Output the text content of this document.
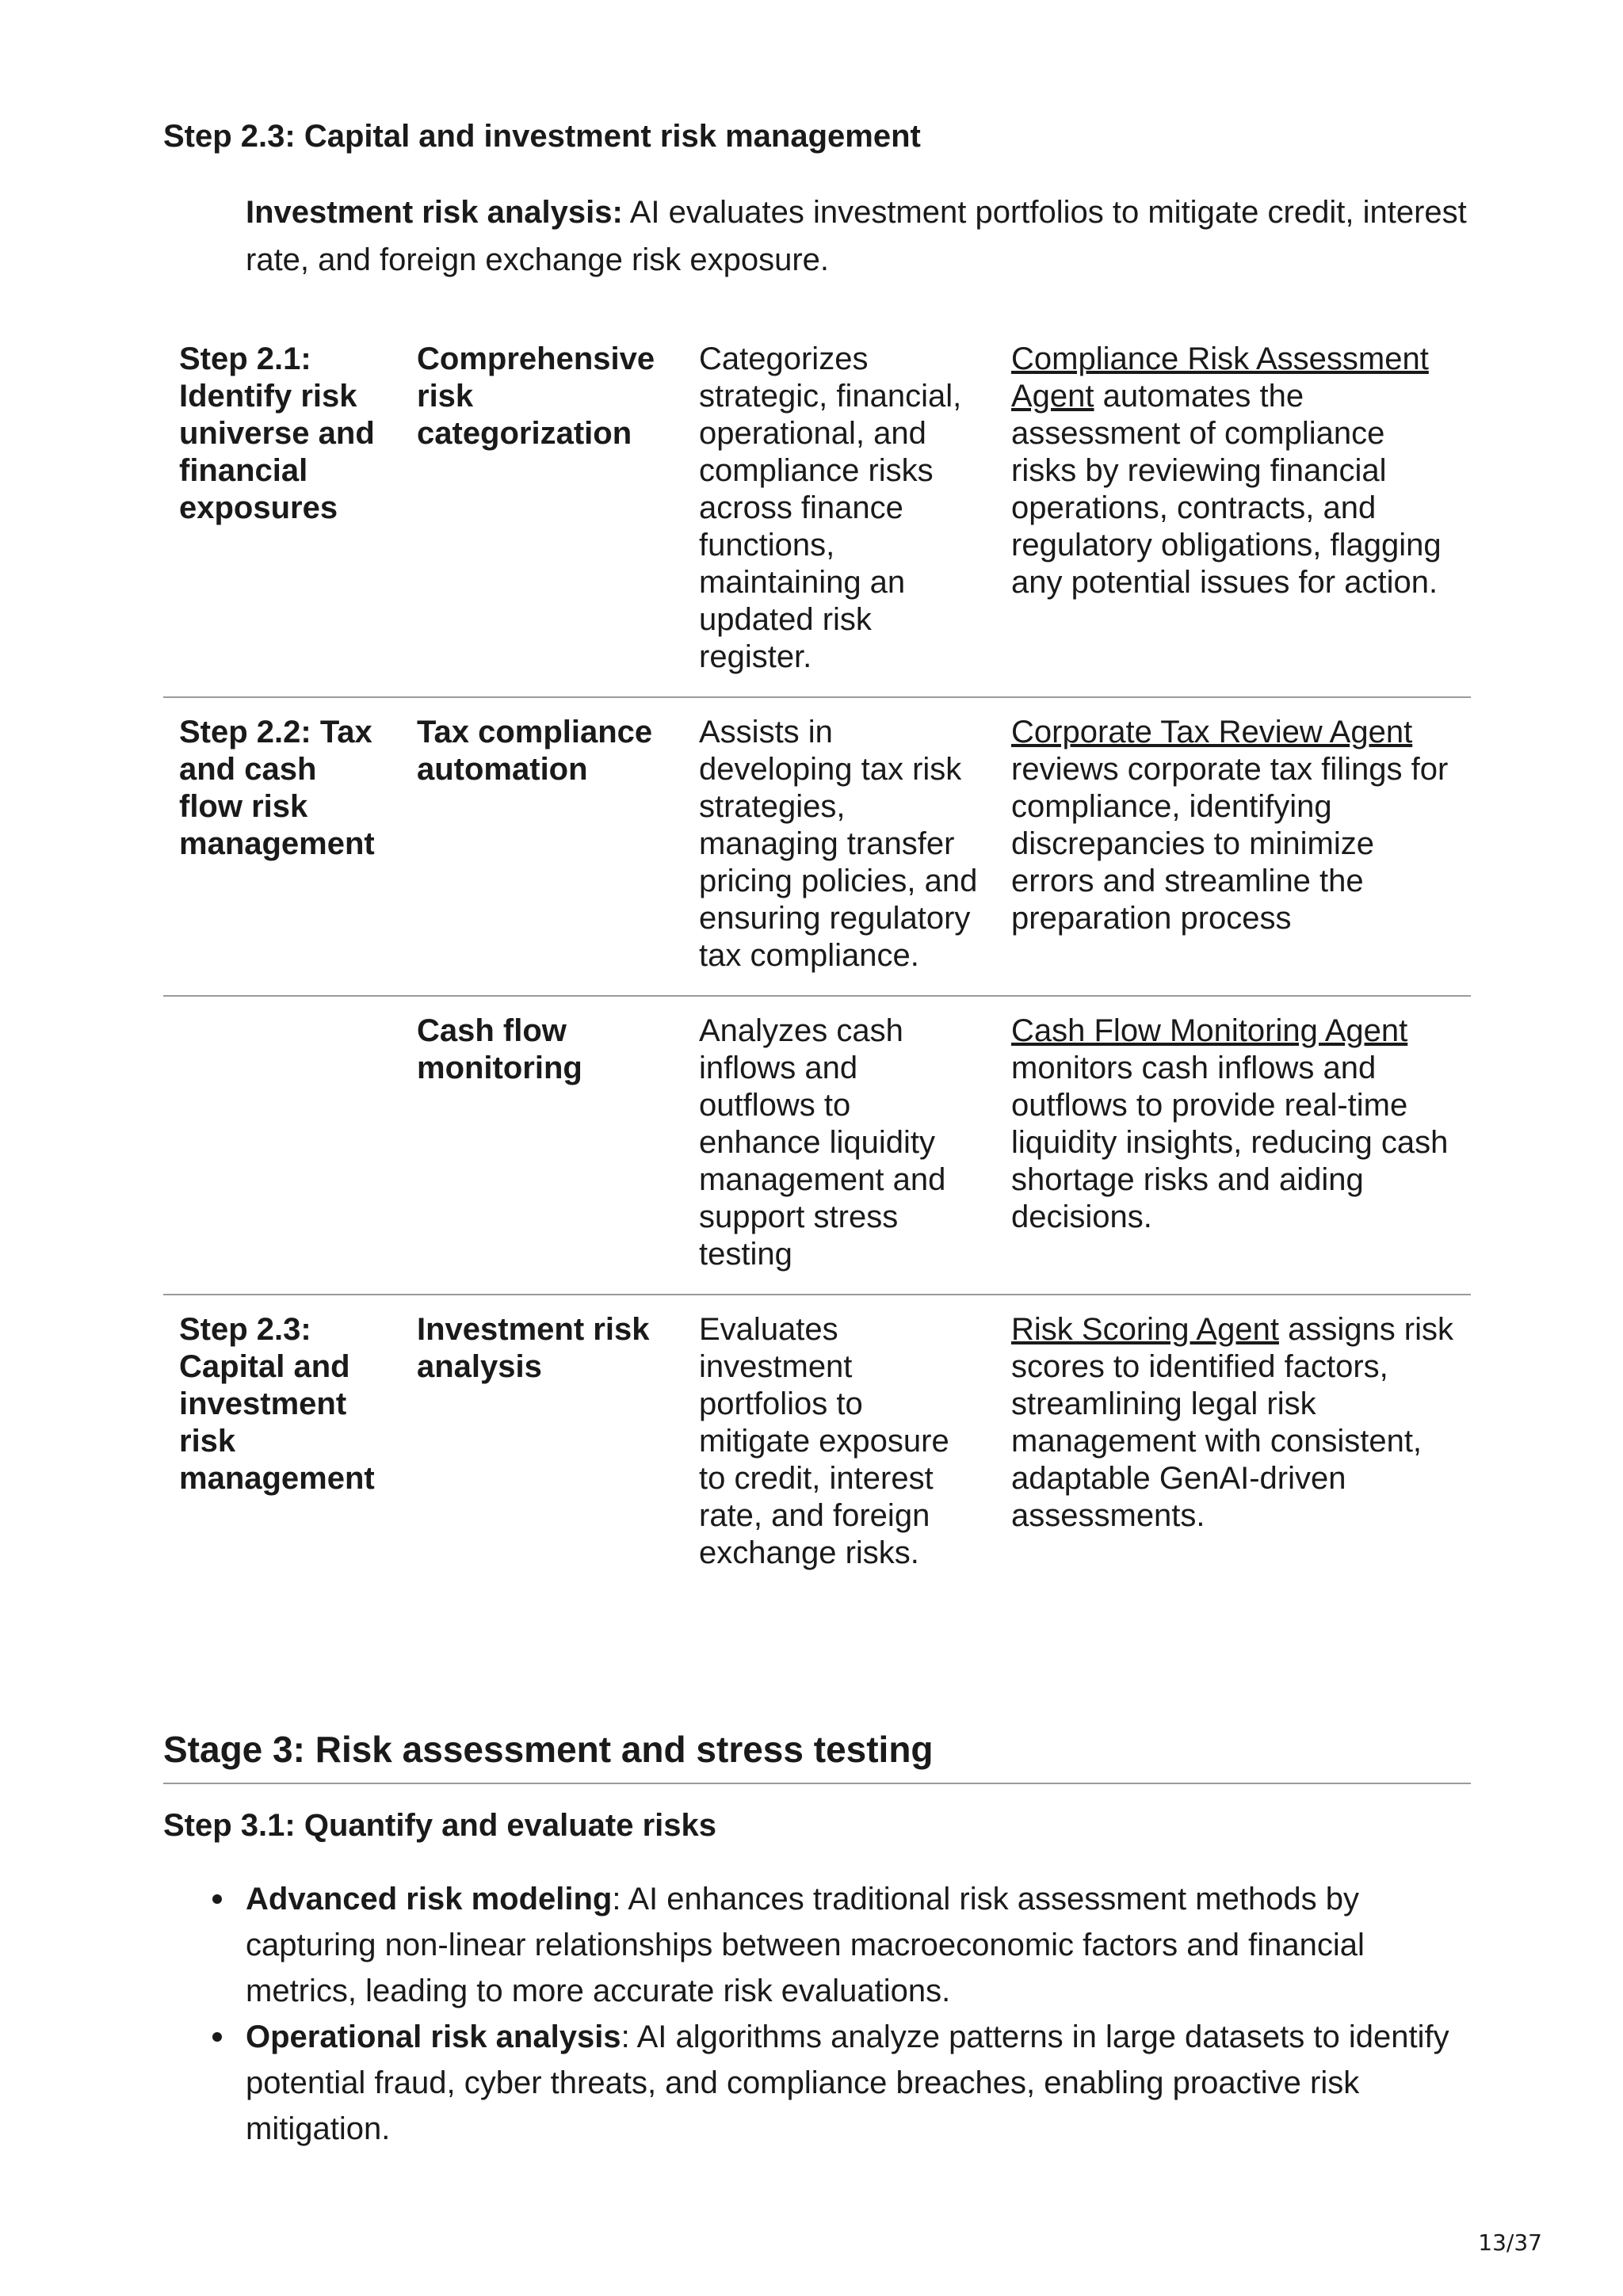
Step 2.3: Capital and investment risk management

Investment risk analysis: AI evaluates investment portfolios to mitigate credit, interest rate, and foreign exchange risk exposure.

Step 2.1: Identify risk universe and financial exposures	Comprehensive risk categorization	Categorizes strategic, financial, operational, and compliance risks across finance functions, maintaining an updated risk register.	Compliance Risk Assessment Agent automates the assessment of compliance risks by reviewing financial operations, contracts, and regulatory obligations, flagging any potential issues for action.
Step 2.2: Tax and cash flow risk management	Tax compliance automation	Assists in developing tax risk strategies, managing transfer pricing policies, and ensuring regulatory tax compliance.	Corporate Tax Review Agent reviews corporate tax filings for compliance, identifying discrepancies to minimize errors and streamline the preparation process
	Cash flow monitoring	Analyzes cash inflows and outflows to enhance liquidity management and support stress testing	Cash Flow Monitoring Agent monitors cash inflows and outflows to provide real-time liquidity insights, reducing cash shortage risks and aiding decisions.
Step 2.3: Capital and investment risk management	Investment risk analysis	Evaluates investment portfolios to mitigate exposure to credit, interest rate, and foreign exchange risks.	Risk Scoring Agent assigns risk scores to identified factors, streamlining legal risk management with consistent, adaptable GenAI-driven assessments.
Stage 3: Risk assessment and stress testing
Step 3.1: Quantify and evaluate risks
Advanced risk modeling: AI enhances traditional risk assessment methods by capturing non-linear relationships between macroeconomic factors and financial metrics, leading to more accurate risk evaluations.
Operational risk analysis: AI algorithms analyze patterns in large datasets to identify potential fraud, cyber threats, and compliance breaches, enabling proactive risk mitigation.
13/37
